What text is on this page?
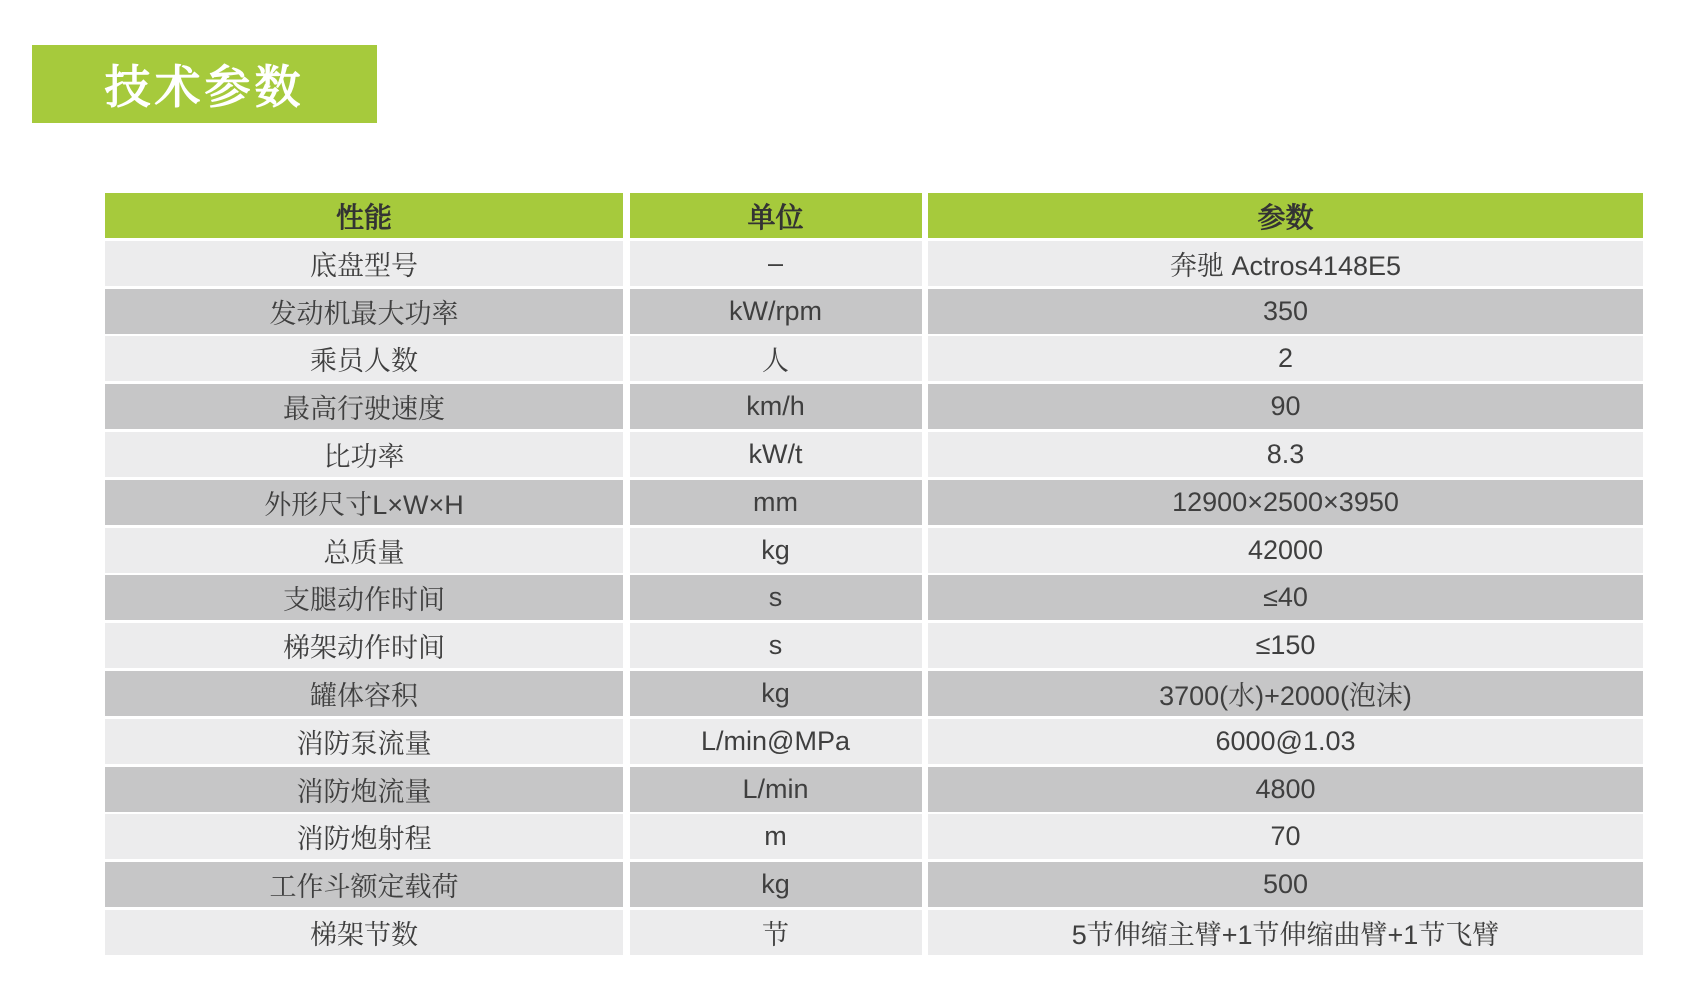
技术参数
性能	单位	参数
底盘型号	–	奔驰 Actros4148E5
发动机最大功率	kW/rpm	350
乘员人数	人	2
最高行驶速度	km/h	90
比功率	kW/t	8.3
外形尺寸L×W×H	mm	12900×2500×3950
总质量	kg	42000
支腿动作时间	s	≤40
梯架动作时间	s	≤150
罐体容积	kg	3700(水)+2000(泡沫)
消防泵流量	L/min@MPa	6000@1.03
消防炮流量	L/min	4800
消防炮射程	m	70
工作斗额定载荷	kg	500
梯架节数	节	5节伸缩主臂+1节伸缩曲臂+1节飞臂
